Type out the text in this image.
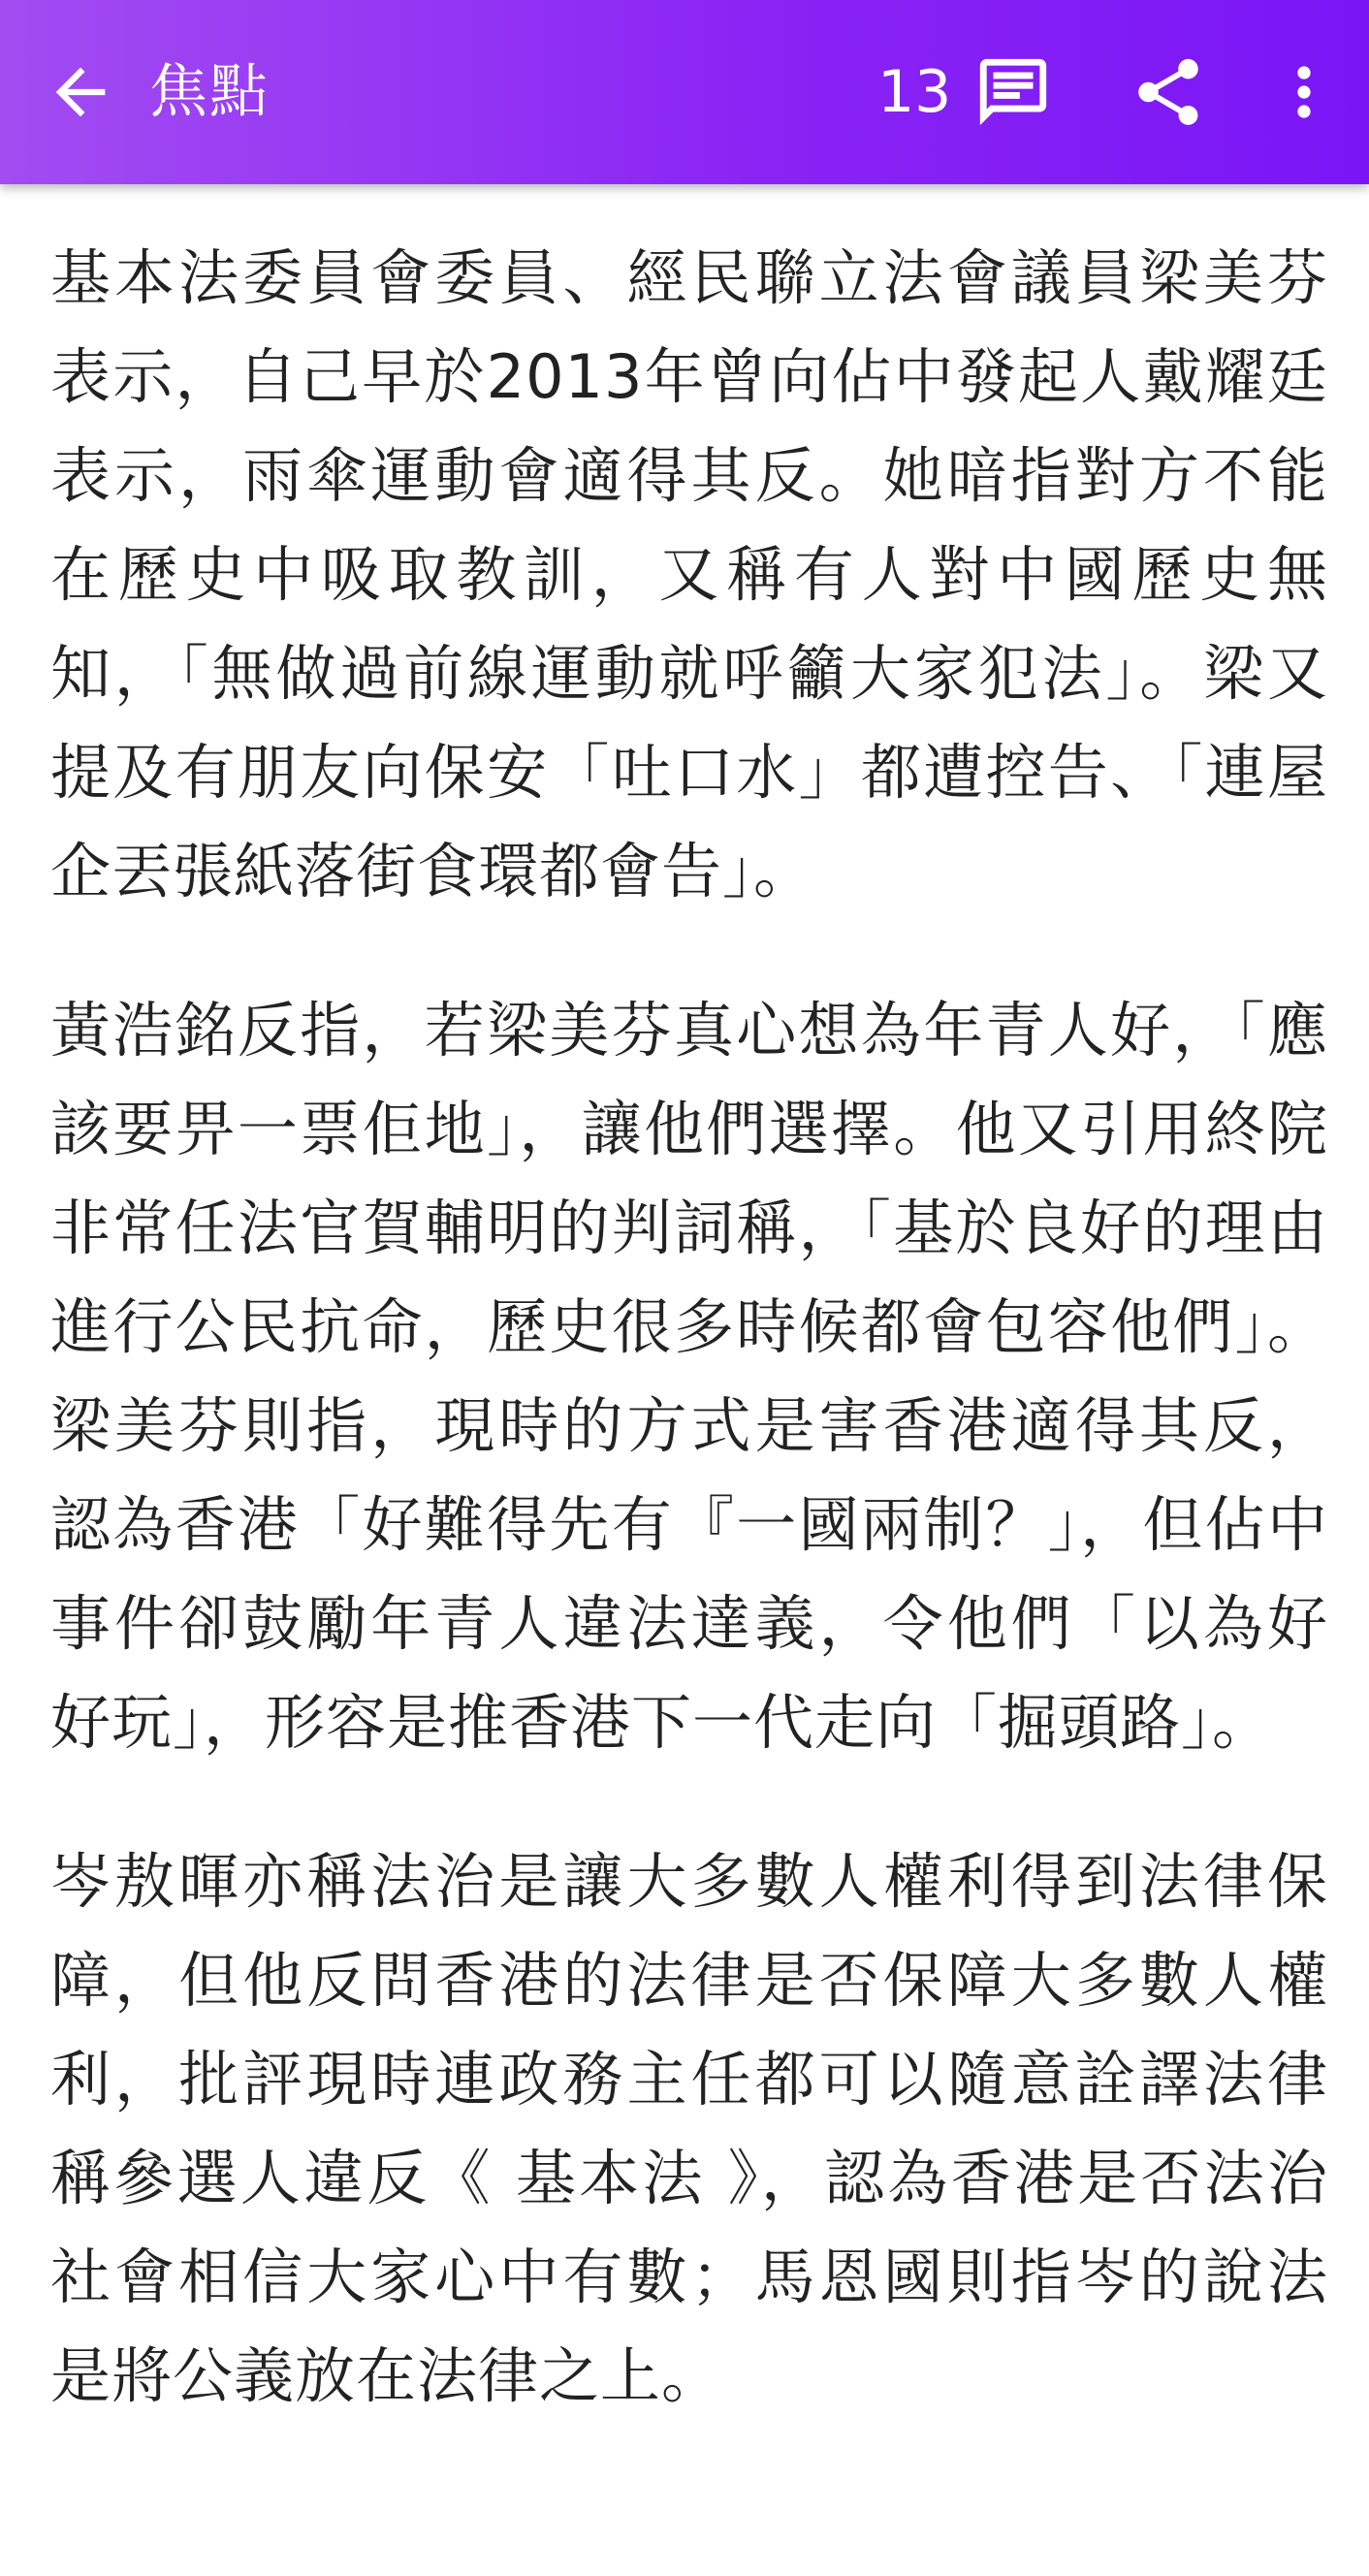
焦點	13

基本法委員會委員、經民聯立法會議員梁美芬表示，自己早於2013年曾向佔中發起人戴耀廷表示，雨傘運動會適得其反。她暗指對方不能在歷史中吸取教訓，又稱有人對中國歷史無知，「無做過前線運動就呼籲大家犯法」。梁又提及有朋友向保安「吐口水」都遭控告、「連屋企丟張紙落街食環都會告」。

黃浩銘反指，若梁美芬真心想為年青人好，「應該要畀一票佢地」，讓他們選擇。他又引用終院非常任法官賀輔明的判詞稱，「基於良好的理由進行公民抗命，歷史很多時候都會包容他們」。梁美芬則指，現時的方式是害香港適得其反，認為香港「好難得先有『一國兩制？」，但佔中事件卻鼓勵年青人違法達義，令他們「以為好好玩」，形容是推香港下一代走向「掘頭路」。

岑敖暉亦稱法治是讓大多數人權利得到法律保障，但他反問香港的法律是否保障大多數人權利，批評現時連政務主任都可以隨意詮譯法律稱參選人違反《 基本法 》，認為香港是否法治社會相信大家心中有數；馬恩國則指岑的說法是將公義放在法律之上。
